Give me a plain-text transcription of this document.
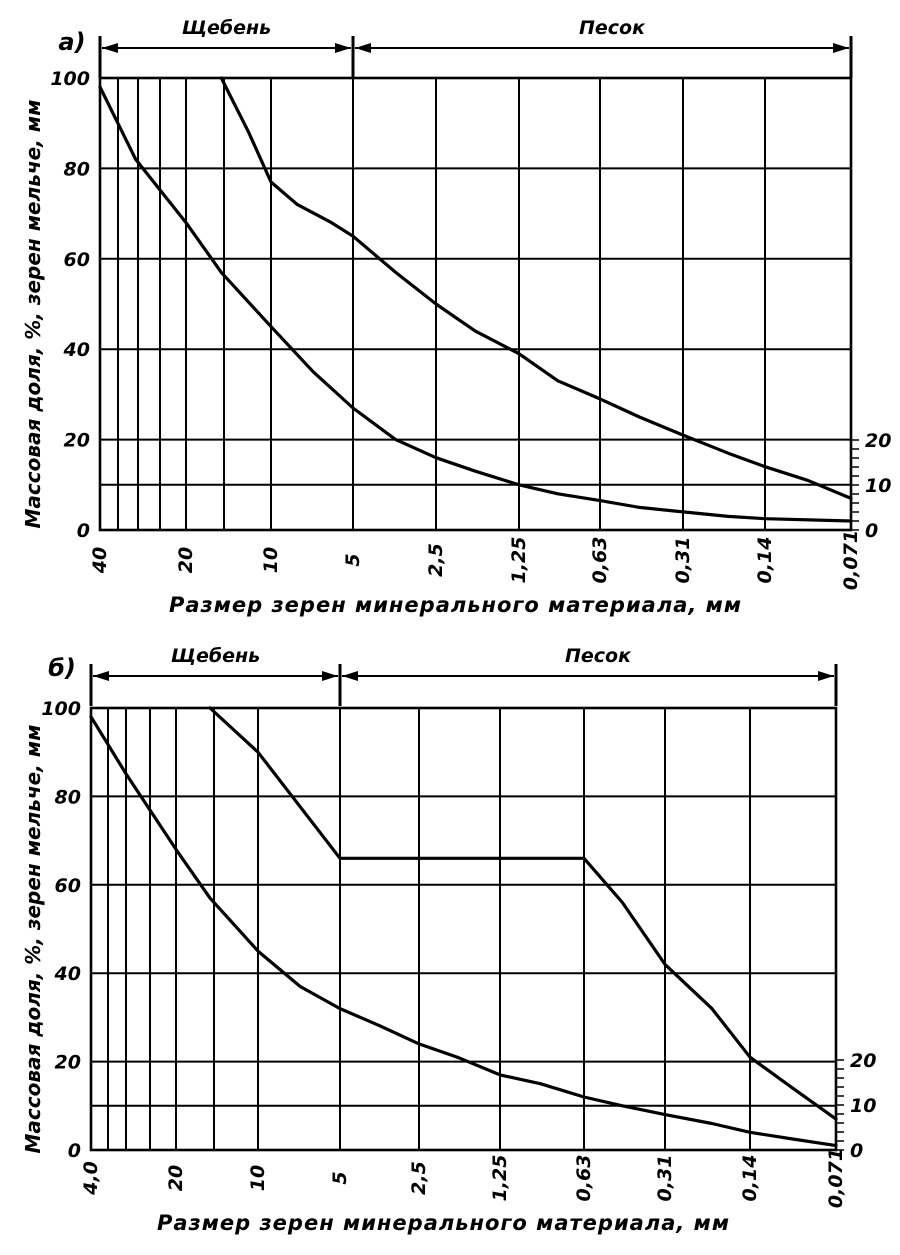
0
20
40
60
80
100
0
10
20
40	20	10	5	2,5	1,25	0,63	0,31	0,14	0,071
Щебень	Песок
а)
Массовая доля, %, зерен мельче, мм
Размер зерен минерального материала, мм
0
20
40
60
80
100
0
10
20
4,0	20	10	5	2,5	1,25	0,63	0,31	0,14	0,071
Щебень	Песок
б)
Массовая доля, %, зерен мельче, мм
Размер зерен минерального материала, мм
